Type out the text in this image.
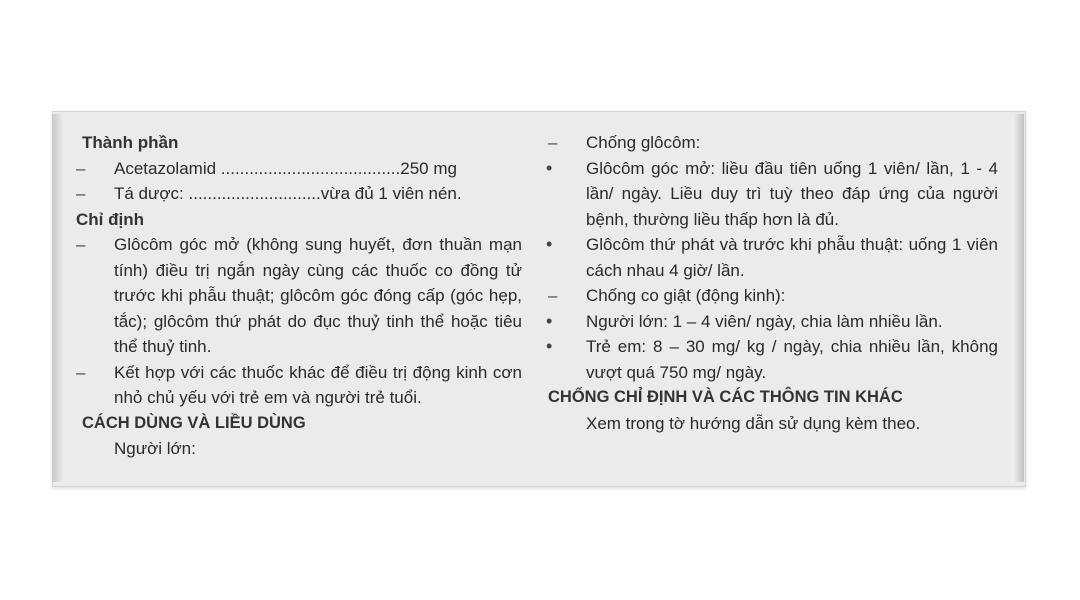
Thành phần
–	Acetazolamid ......................................250 mg
–	Tá dược: ............................vừa đủ 1 viên nén.
Chỉ định
–	Glôcôm góc mở (không sung huyết, đơn thuần mạn tính) điều trị ngắn ngày cùng các thuốc co đồng tử trước khi phẫu thuật; glôcôm góc đóng cấp (góc hẹp, tắc); glôcôm thứ phát do đục thuỷ tinh thể hoặc tiêu thể thuỷ tinh.
–	Kết hợp với các thuốc khác để điều trị động kinh cơn nhỏ chủ yếu với trẻ em và người trẻ tuổi.
CÁCH DÙNG VÀ LIỀU DÙNG
Người lớn:
–	Chống glôcôm:
•	Glôcôm góc mở: liều đầu tiên uống 1 viên/ lần, 1 - 4 lần/ ngày. Liều duy trì tuỳ theo đáp ứng của người bệnh, thường liều thấp hơn là đủ.
•	Glôcôm thứ phát và trước khi phẫu thuật: uống 1 viên cách nhau 4 giờ/ lần.
–	Chống co giật (động kinh):
•	Người lớn: 1 – 4 viên/ ngày, chia làm nhiều lần.
•	Trẻ em: 8 – 30 mg/ kg / ngày, chia nhiều lần, không vượt quá 750 mg/ ngày.
CHỐNG CHỈ ĐỊNH VÀ CÁC THÔNG TIN KHÁC
Xem trong tờ hướng dẫn sử dụng kèm theo.
